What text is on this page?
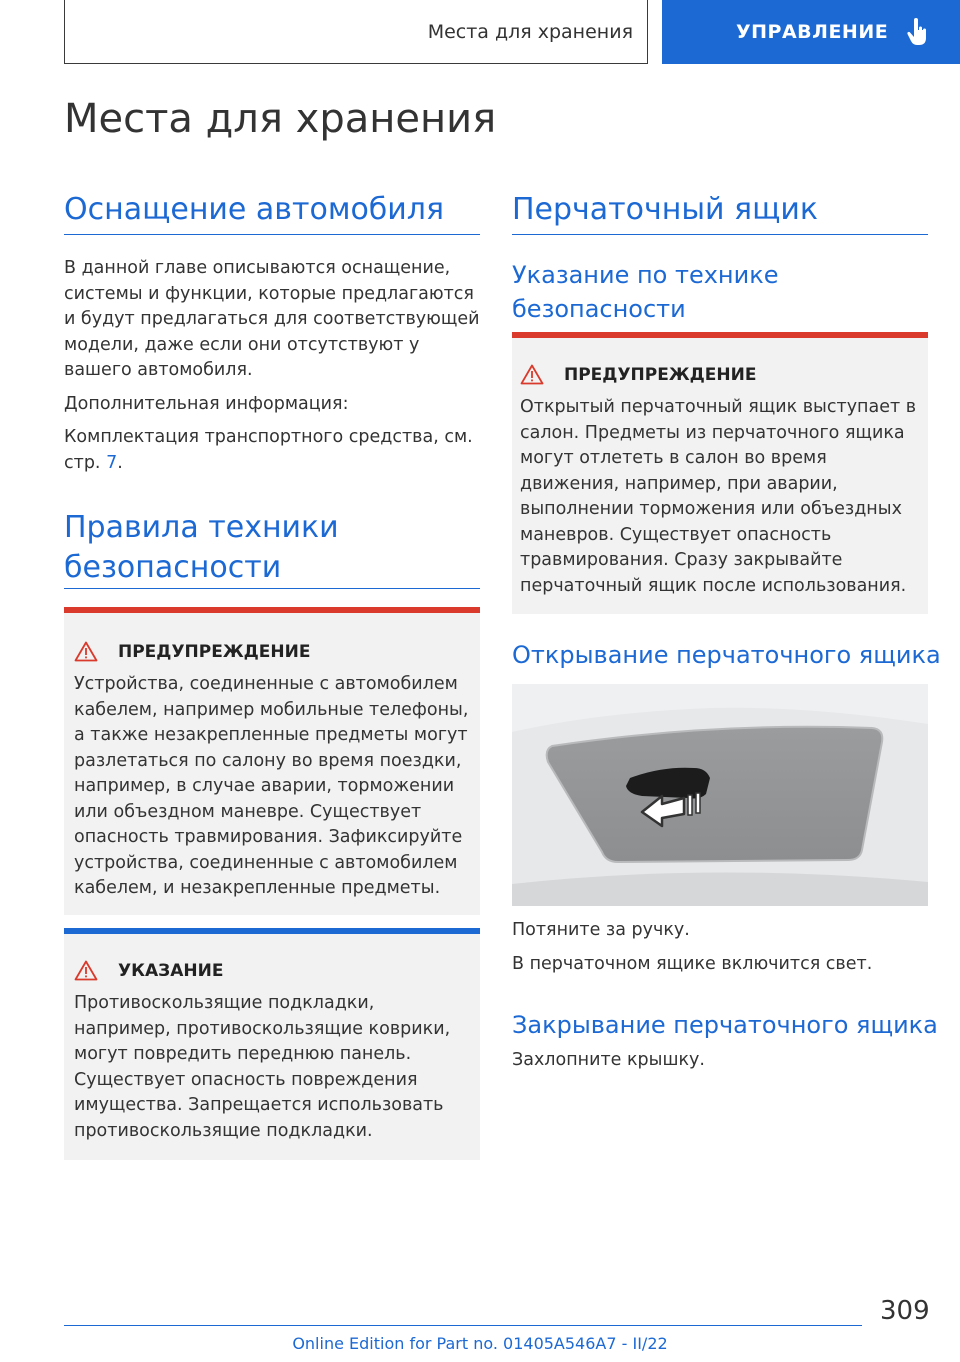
Места для хранения	УПРАВЛЕНИЕ
Места для хранения
Оснащение автомобиля

В данной главе описываются оснащение, системы и функции, которые предлагаются и будут предлагаться для соответствующей модели, даже если они отсутствуют у вашего автомобиля.

Дополнительная информация:

Комплектация транспортного средства, см. стр. 7.

Правила техники
безопасности
ПРЕДУПРЕЖДЕНИЕ

Устройства, соединенные с автомобилем кабелем, например мобильные телефоны, а также незакрепленные предметы могут разлетаться по салону во время поездки, например, в случае аварии, торможении или объездном маневре. Существует опасность травмирования. Зафиксируйте устройства, соединенные с автомобилем кабелем, и незакрепленные предметы.

УКАЗАНИЕ

Противоскользящие подкладки, например, противоскользящие коврики, могут повредить переднюю панель. Существует опасность повреждения имущества. Запрещается использовать противоскользящие подкладки.

Перчаточный ящик
Указание по технике
безопасности
ПРЕДУПРЕЖДЕНИЕ

Открытый перчаточный ящик выступает в салон. Предметы из перчаточного ящика могут отлететь в салон во время движения, например, при аварии, выполнении торможения или объездных маневров. Существует опасность травмирования. Сразу закрывайте перчаточный ящик после использования.

Открывание перчаточного ящика

Потяните за ручку.

В перчаточном ящике включится свет.

Закрывание перчаточного ящика

Захлопните крышку.

309
Online Edition for Part no. 01405A546A7 - II/22
